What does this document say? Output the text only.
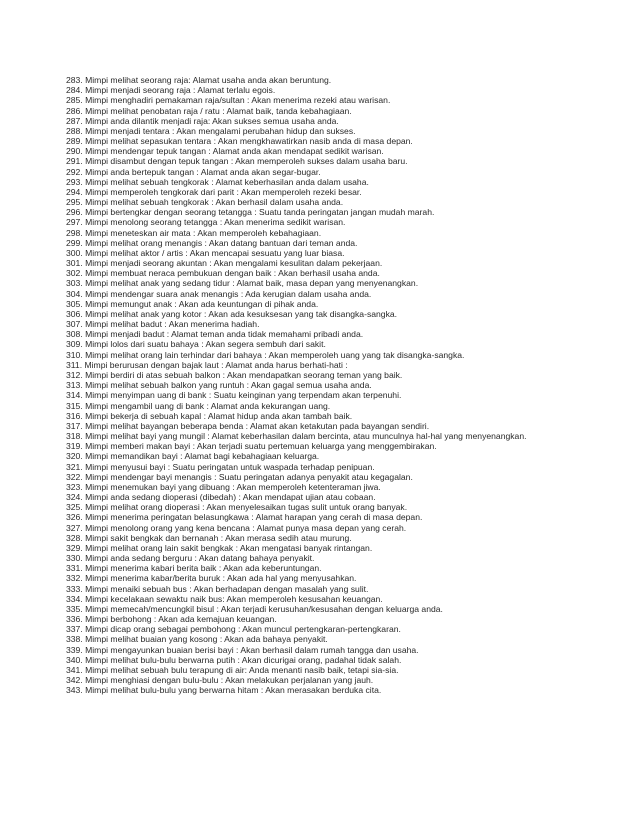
283. Mimpi melihat seorang raja: Alamat usaha anda akan beruntung.
284. Mimpi menjadi seorang raja : Alamat terlalu egois.
285. Mimpi menghadiri pemakaman raja/sultan : Akan menerima rezeki atau warisan.
286. Mimpi melihat penobatan raja / ratu : Alamat baik, tanda kebahagiaan.
287. Mimpi anda dilantik menjadi raja: Akan sukses semua usaha anda.
288. Mimpi menjadi tentara : Akan mengalami perubahan hidup dan sukses.
289. Mimpi melihat sepasukan tentara : Akan mengkhawatirkan nasib anda di masa depan.
290. Mimpi mendengar tepuk tangan : Alamat anda akan mendapat sedikit warisan.
291. Mimpi disambut dengan tepuk tangan : Akan memperoleh sukses dalam usaha baru.
292. Mimpi anda bertepuk tangan : Alamat anda akan segar-bugar.
293. Mimpi melihat sebuah tengkorak : Alamat keberhasilan anda dalam usaha.
294. Mimpi memperoleh tengkorak dari parit : Akan memperoleh rezeki besar.
295. Mimpi melihat sebuah tengkorak : Akan berhasil dalam usaha anda.
296. Mimpi bertengkar dengan seorang tetangga : Suatu tanda peringatan jangan mudah marah.
297. Mimpi menolong seorang tetangga : Akan menerima sedikit warisan.
298. Mimpi meneteskan air mata : Akan memperoleh kebahagiaan.
299. Mimpi melihat orang menangis : Akan datang bantuan dari teman anda.
300. Mimpi melihat aktor / artis : Akan mencapai sesuatu yang luar biasa.
301. Mimpi menjadi seorang akuntan : Akan mengalami kesulitan dalam pekerjaan.
302. Mimpi membuat neraca pembukuan dengan baik : Akan berhasil usaha anda.
303. Mimpi melihat anak yang sedang tidur : Alamat baik, masa depan yang menyenangkan.
304. Mimpi mendengar suara anak menangis : Ada kerugian dalam usaha anda.
305. Mimpi memungut anak : Akan ada keuntungan di pihak anda.
306. Mimpi melihat anak yang kotor : Akan ada kesuksesan yang tak disangka-sangka.
307. Mimpi melihat badut : Akan menerima hadiah.
308. Mimpi menjadi badut : Alamat teman anda tidak memahami pribadi anda.
309. Mimpi lolos dari suatu bahaya : Akan segera sembuh dari sakit.
310. Mimpi melihat orang lain terhindar dari bahaya : Akan memperoleh uang yang tak disangka-sangka.
311. Mimpi berurusan dengan bajak laut : Alamat anda harus berhati-hati :
312. Mimpi berdiri di atas sebuah balkon : Akan mendapatkan seorang teman yang baik.
313. Mimpi melihat sebuah balkon yang runtuh : Akan gagal semua usaha anda.
314. Mimpi menyimpan uang di bank : Suatu keinginan yang terpendam akan terpenuhi.
315. Mimpi mengambil uang di bank : Alamat anda kekurangan uang.
316. Mimpi bekerja di sebuah kapal : Alamat hidup anda akan tambah baik.
317. Mimpi melihat bayangan beberapa benda : Alamat akan ketakutan pada bayangan sendiri.
318. Mimpi melihat bayi yang mungil : Alamat keberhasilan dalam bercinta, atau munculnya hal-hal yang menyenangkan.
319. Mimpi memberi makan bayi : Akan terjadi suatu pertemuan keluarga yang menggembirakan.
320. Mimpi memandikan bayi : Alamat bagi kebahagiaan keluarga.
321. Mimpi menyusui bayi : Suatu peringatan untuk waspada terhadap penipuan.
322. Mimpi mendengar bayi menangis : Suatu peringatan adanya penyakit atau kegagalan.
323. Mimpi menemukan bayi yang dibuang : Akan memperoleh ketenteraman jiwa.
324. Mimpi anda sedang dioperasi (dibedah) : Akan mendapat ujian atau cobaan.
325. Mimpi melihat orang dioperasi : Akan menyelesaikan tugas sulit untuk orang banyak.
326. Mimpi menerima peringatan belasungkawa : Alamat harapan yang cerah di masa depan.
327. Mimpi menolong orang yang kena bencana : Alamat punya masa depan yang cerah.
328. Mimpi sakit bengkak dan bernanah : Akan merasa sedih atau murung.
329. Mimpi melihat orang lain sakit bengkak : Akan mengatasi banyak rintangan.
330. Mimpi anda sedang berguru : Akan datang bahaya penyakit.
331. Mimpi menerima kabari berita baik : Akan ada keberuntungan.
332. Mimpi menerima kabar/berita buruk : Akan ada hal yang menyusahkan.
333. Mimpi menaiki sebuah bus : Akan berhadapan dengan masalah yang sulit.
334. Mimpi kecelakaan sewaktu naik bus: Akan memperoleh kesusahan keuangan.
335. Mimpi memecah/mencungkil bisul : Akan terjadi kerusuhan/kesusahan dengan keluarga anda.
336. Mimpi berbohong : Akan ada kemajuan keuangan.
337. Mimpi dicap orang sebagai pembohong : Akan muncul pertengkaran-pertengkaran.
338. Mimpi melihat buaian yang kosong : Akan ada bahaya penyakit.
339. Mimpi mengayunkan buaian berisi bayi : Akan berhasil dalam rumah tangga dan usaha.
340. Mimpi melihat bulu-bulu berwarna putih : Akan dicurigai orang, padahal tidak salah.
341. Mimpi melihat sebuah bulu terapung di air: Anda menanti nasib baik, tetapi sia-sia.
342. Mimpi menghiasi dengan bulu-bulu : Akan melakukan perjalanan yang jauh.
343. Mimpi melihat bulu-bulu yang berwarna hitam : Akan merasakan berduka cita.
